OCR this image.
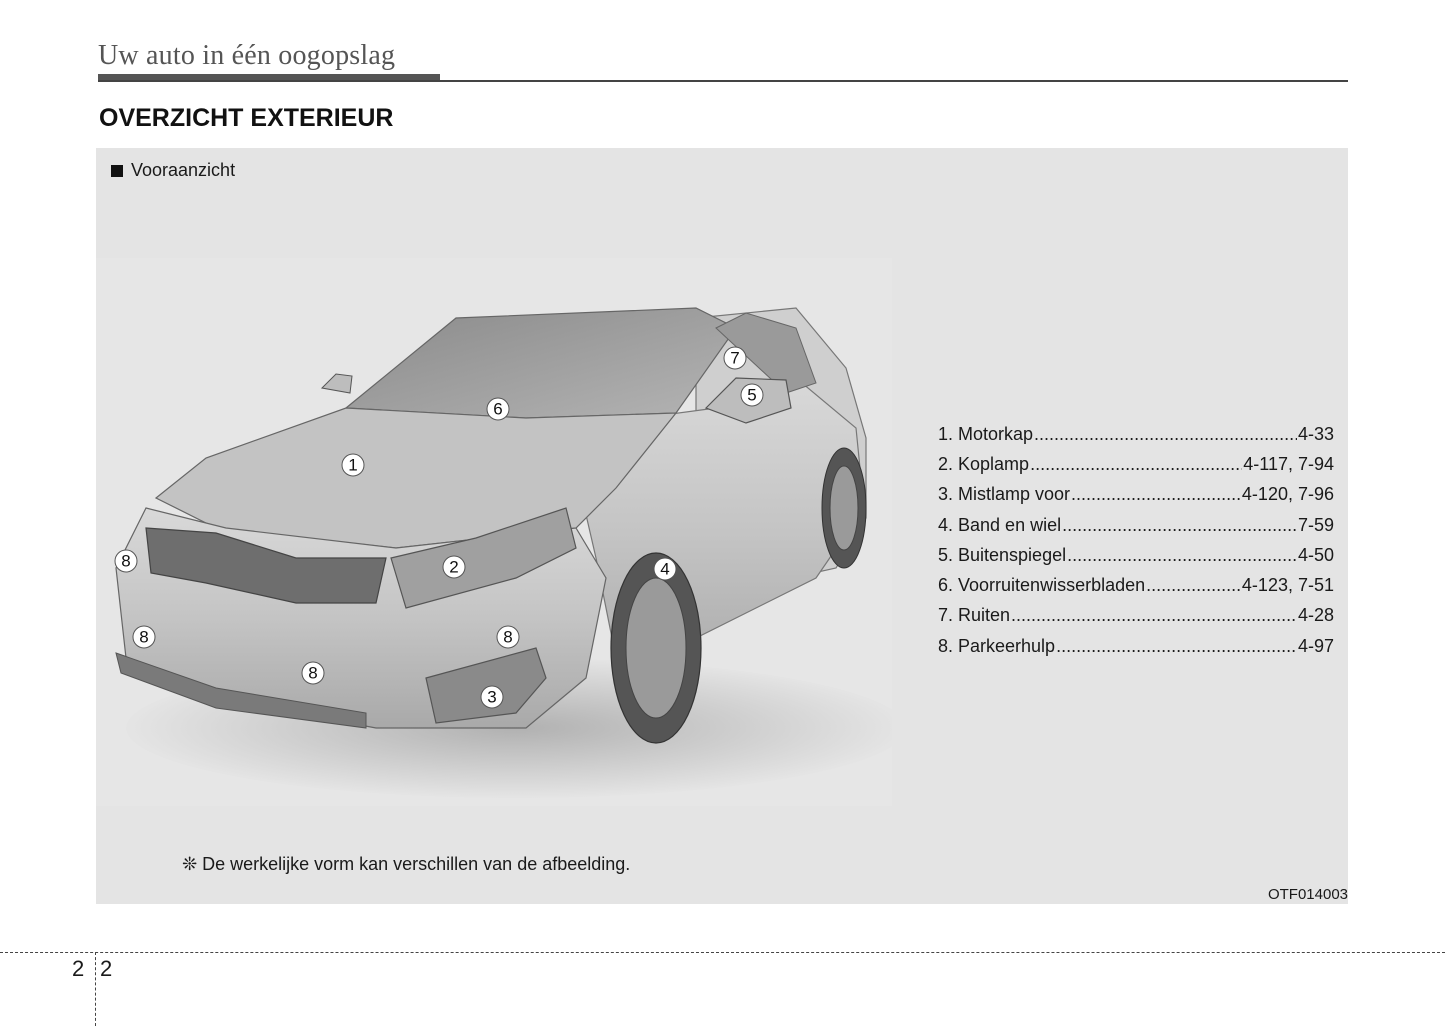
Uw auto in één oogopslag
OVERZICHT EXTERIEUR
Vooraanzicht
1
2
3
4
5
6
7
8
8
8
8
1. Motorkap .....	4-33
2. Koplamp .....	4-117, 7-94
3. Mistlamp voor .....	4-120, 7-96
4. Band en wiel .....	7-59
5. Buitenspiegel .....	4-50
6. Voorruitenwisserbladen .....	4-123, 7-51
7. Ruiten .....	4-28
8. Parkeerhulp .....	4-97
❊ De werkelijke vorm kan verschillen van de afbeelding.
OTF014003
2 2
